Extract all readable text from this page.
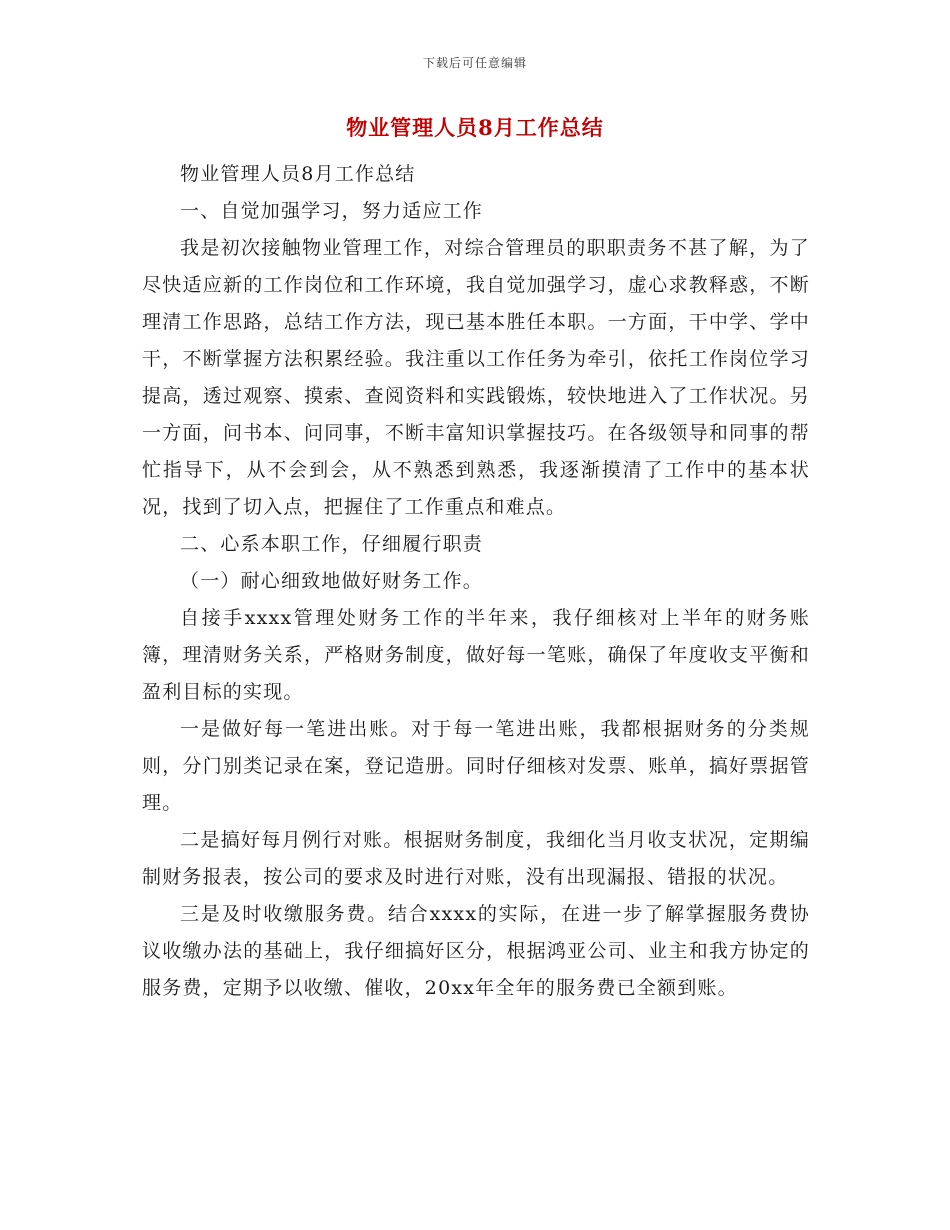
下载后可任意编辑
物业管理人员8月工作总结

物业管理人员8月工作总结

一、自觉加强学习，努力适应工作

我是初次接触物业管理工作，对综合管理员的职职责务不甚了解，为了尽快适应新的工作岗位和工作环境，我自觉加强学习，虚心求教释惑，不断理清工作思路，总结工作方法，现已基本胜任本职。一方面，干中学、学中干，不断掌握方法积累经验。我注重以工作任务为牵引，依托工作岗位学习提高，透过观察、摸索、查阅资料和实践锻炼，较快地进入了工作状况。另一方面，问书本、问同事，不断丰富知识掌握技巧。在各级领导和同事的帮忙指导下，从不会到会，从不熟悉到熟悉，我逐渐摸清了工作中的基本状况，找到了切入点，把握住了工作重点和难点。

二、心系本职工作，仔细履行职责

（一）耐心细致地做好财务工作。

自接手xxxx管理处财务工作的半年来，我仔细核对上半年的财务账簿，理清财务关系，严格财务制度，做好每一笔账，确保了年度收支平衡和盈利目标的实现。

一是做好每一笔进出账。对于每一笔进出账，我都根据财务的分类规则，分门别类记录在案，登记造册。同时仔细核对发票、账单，搞好票据管理。

二是搞好每月例行对账。根据财务制度，我细化当月收支状况，定期编制财务报表，按公司的要求及时进行对账，没有出现漏报、错报的状况。

三是及时收缴服务费。结合xxxx的实际，在进一步了解掌握服务费协议收缴办法的基础上，我仔细搞好区分，根据鸿亚公司、业主和我方协定的服务费，定期予以收缴、催收，20xx年全年的服务费已全额到账。
